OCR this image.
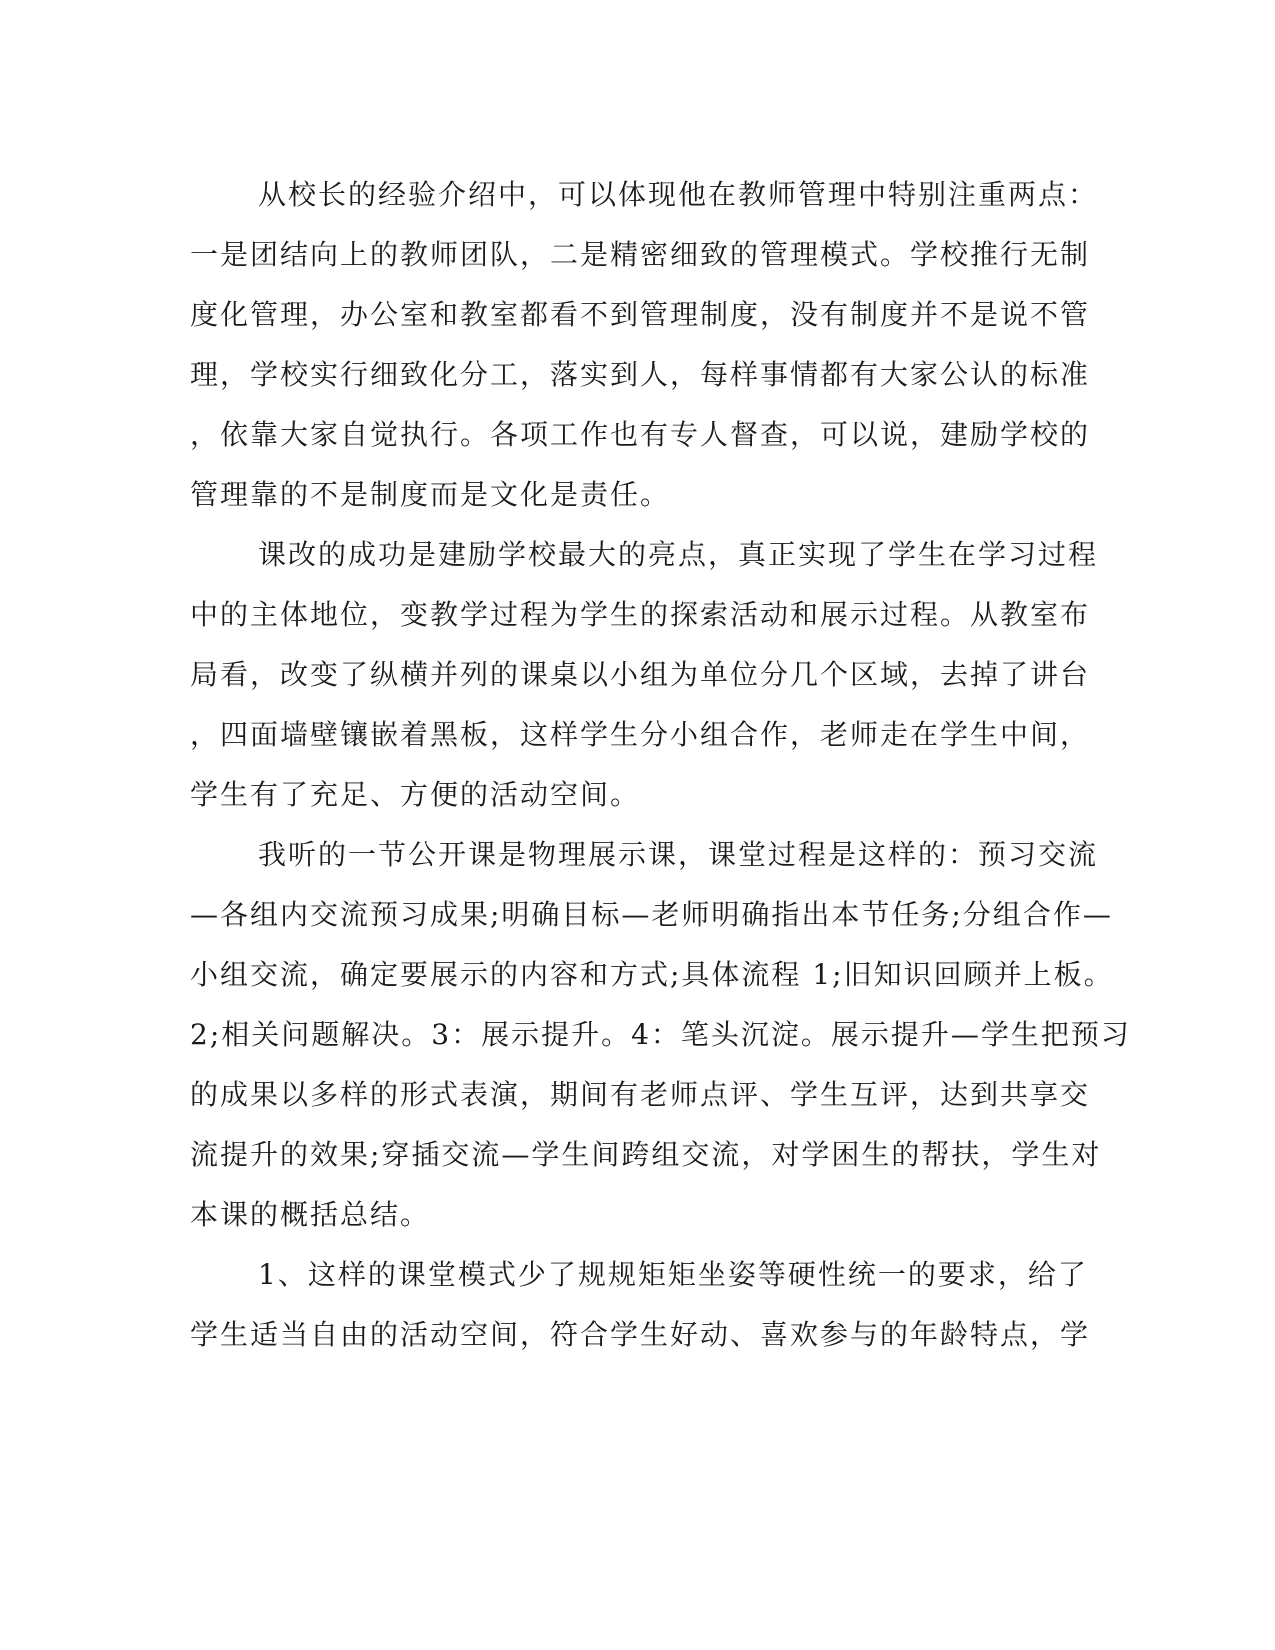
从校长的经验介绍中，可以体现他在教师管理中特别注重两点：
一是团结向上的教师团队，二是精密细致的管理模式。学校推行无制
度化管理，办公室和教室都看不到管理制度，没有制度并不是说不管
理，学校实行细致化分工，落实到人，每样事情都有大家公认的标准
，依靠大家自觉执行。各项工作也有专人督查，可以说，建励学校的
管理靠的不是制度而是文化是责任。
课改的成功是建励学校最大的亮点，真正实现了学生在学习过程
中的主体地位，变教学过程为学生的探索活动和展示过程。从教室布
局看，改变了纵横并列的课桌以小组为单位分几个区域，去掉了讲台
，四面墙壁镶嵌着黑板，这样学生分小组合作，老师走在学生中间，
学生有了充足、方便的活动空间。
我听的一节公开课是物理展示课，课堂过程是这样的：预习交流
—各组内交流预习成果;明确目标—老师明确指出本节任务;分组合作—
小组交流，确定要展示的内容和方式;具体流程 1;旧知识回顾并上板。
2;相关问题解决。3：展示提升。4：笔头沉淀。展示提升—学生把预习
的成果以多样的形式表演，期间有老师点评、学生互评，达到共享交
流提升的效果;穿插交流—学生间跨组交流，对学困生的帮扶，学生对
本课的概括总结。
1、这样的课堂模式少了规规矩矩坐姿等硬性统一的要求，给了
学生适当自由的活动空间，符合学生好动、喜欢参与的年龄特点，学
